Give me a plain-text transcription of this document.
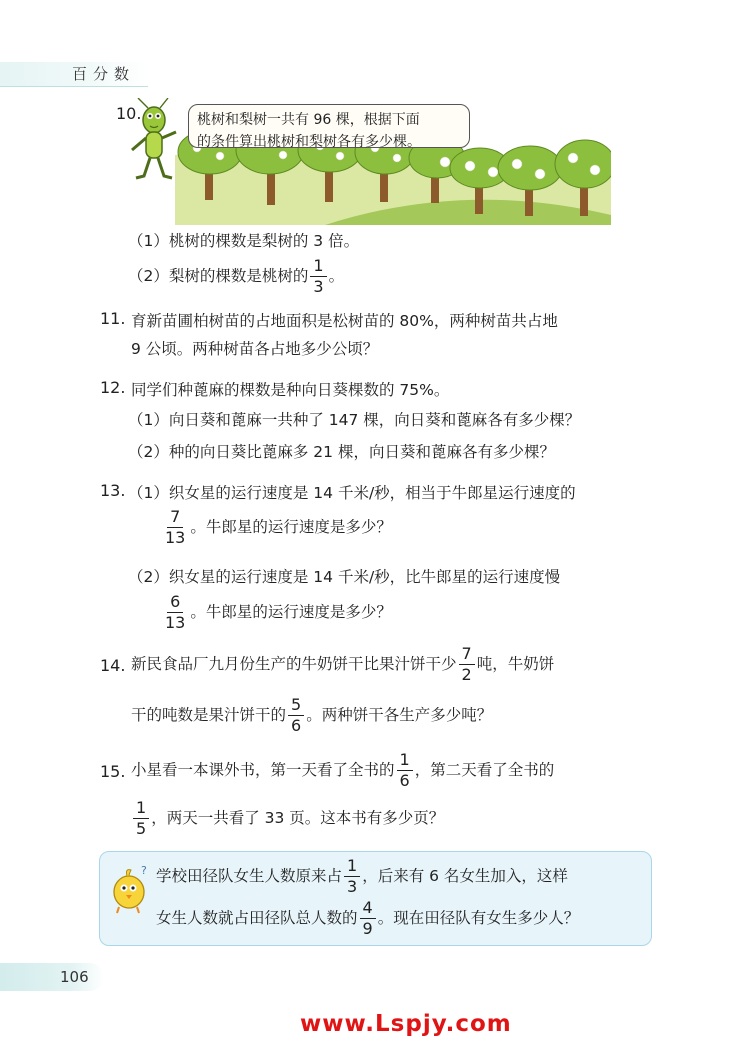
百分数
10.	桃树和梨树一共有 96 棵，根据下面
的条件算出桃树和梨树各有多少棵。
（1）桃树的棵数是梨树的 3 倍。
（2）梨树的棵数是桃树的 $\frac{1}{3}$ 。
11. 育新苗圃柏树苗的占地面积是松树苗的 80%，两种树苗共占地
9 公顷。两种树苗各占地多少公顷？
12. 同学们种蓖麻的棵数是种向日葵棵数的 75%。
（1）向日葵和蓖麻一共种了 147 棵，向日葵和蓖麻各有多少棵？
（2）种的向日葵比蓖麻多 21 棵，向日葵和蓖麻各有多少棵？
13. （1）织女星的运行速度是 14 千米/秒，相当于牛郎星运行速度的
$\frac{7}{13}$ 。牛郎星的运行速度是多少？
（2）织女星的运行速度是 14 千米/秒，比牛郎星的运行速度慢
$\frac{6}{13}$ 。牛郎星的运行速度是多少？
14. 新民食品厂九月份生产的牛奶饼干比果汁饼干少 $\frac{7}{2}$ 吨，牛奶饼
干的吨数是果汁饼干的 $\frac{5}{6}$ 。两种饼干各生产多少吨？
15. 小星看一本课外书，第一天看了全书的 $\frac{1}{6}$ ，第二天看了全书的
$\frac{1}{5}$ ，两天一共看了 33 页。这本书有多少页？
? 学校田径队女生人数原来占 $\frac{1}{3}$ ，后来有 6 名女生加入，这样
女生人数就占田径队总人数的 $\frac{4}{9}$ 。现在田径队有女生多少人？
106
www.Lspjy.com
